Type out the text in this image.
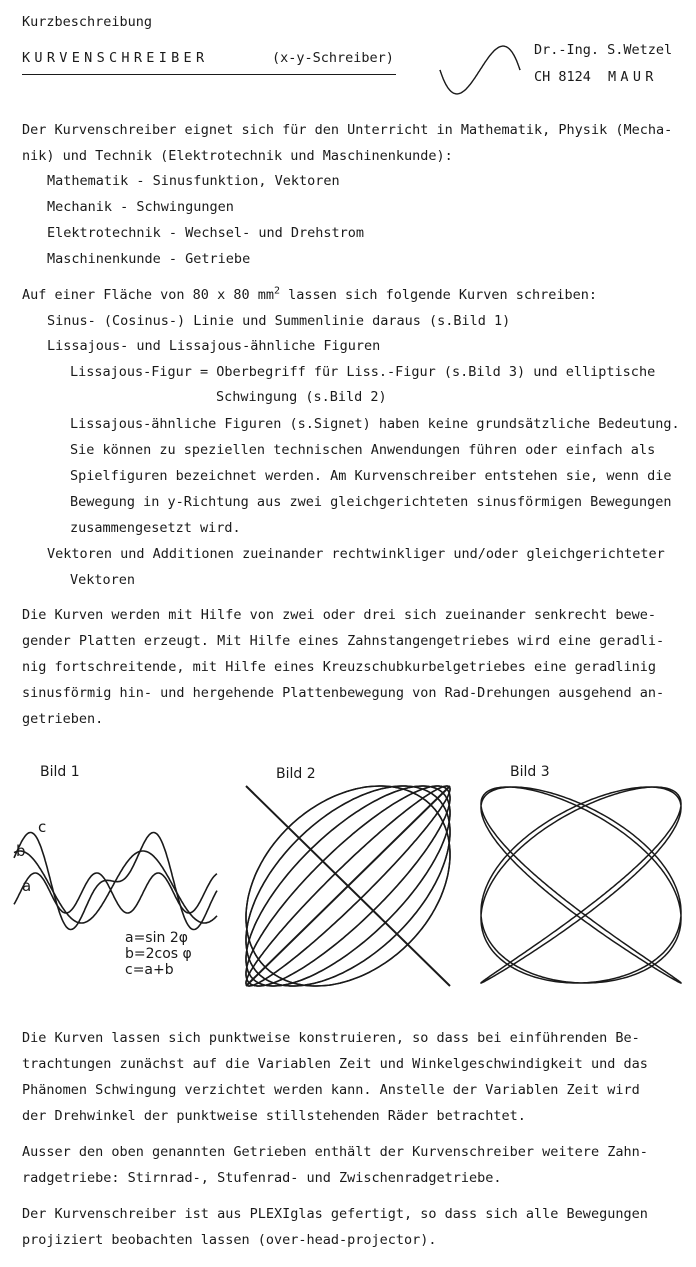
Kurzbeschreibung
KURVENSCHREIBER	(x-y-Schreiber)	Dr.-Ing. S.Wetzel
CH 8124 MAUR
Der Kurvenschreiber eignet sich für den Unterricht in Mathematik, Physik (Mecha-
nik) und Technik (Elektrotechnik und Maschinenkunde):
Mathematik - Sinusfunktion, Vektoren
Mechanik - Schwingungen
Elektrotechnik - Wechsel- und Drehstrom
Maschinenkunde - Getriebe
Auf einer Fläche von 80 x 80 $mm^2$ lassen sich folgende Kurven schreiben:
Sinus- (Cosinus-) Linie und Summenlinie daraus (s.Bild 1)
Lissajous- und Lissajous-ähnliche Figuren
Lissajous-Figur = Oberbegriff für Liss.-Figur (s.Bild 3) und elliptische
Schwingung (s.Bild 2)
Lissajous-ähnliche Figuren (s.Signet) haben keine grundsätzliche Bedeutung.
Sie können zu speziellen technischen Anwendungen führen oder einfach als
Spielfiguren bezeichnet werden. Am Kurvenschreiber entstehen sie, wenn die
Bewegung in y-Richtung aus zwei gleichgerichteten sinusförmigen Bewegungen
zusammengesetzt wird.
Vektoren und Additionen zueinander rechtwinkliger und/oder gleichgerichteter
Vektoren
Die Kurven werden mit Hilfe von zwei oder drei sich zueinander senkrecht bewe-
gender Platten erzeugt. Mit Hilfe eines Zahnstangengetriebes wird eine geradli-
nig fortschreitende, mit Hilfe eines Kreuzschubkurbelgetriebes eine geradlinig
sinusförmig hin- und hergehende Plattenbewegung von Rad-Drehungen ausgehend an-
getrieben.
Bild 1	Bild 2	Bild 3
c
b
a
a=sin 2φ
b=2cos φ
c=a+b
Die Kurven lassen sich punktweise konstruieren, so dass bei einführenden Be-
trachtungen zunächst auf die Variablen Zeit und Winkelgeschwindigkeit und das
Phänomen Schwingung verzichtet werden kann. Anstelle der Variablen Zeit wird
der Drehwinkel der punktweise stillstehenden Räder betrachtet.
Ausser den oben genannten Getrieben enthält der Kurvenschreiber weitere Zahn-
radgetriebe: Stirnrad-, Stufenrad- und Zwischenradgetriebe.
Der Kurvenschreiber ist aus PLEXIglas gefertigt, so dass sich alle Bewegungen
projiziert beobachten lassen (over-head-projector).
